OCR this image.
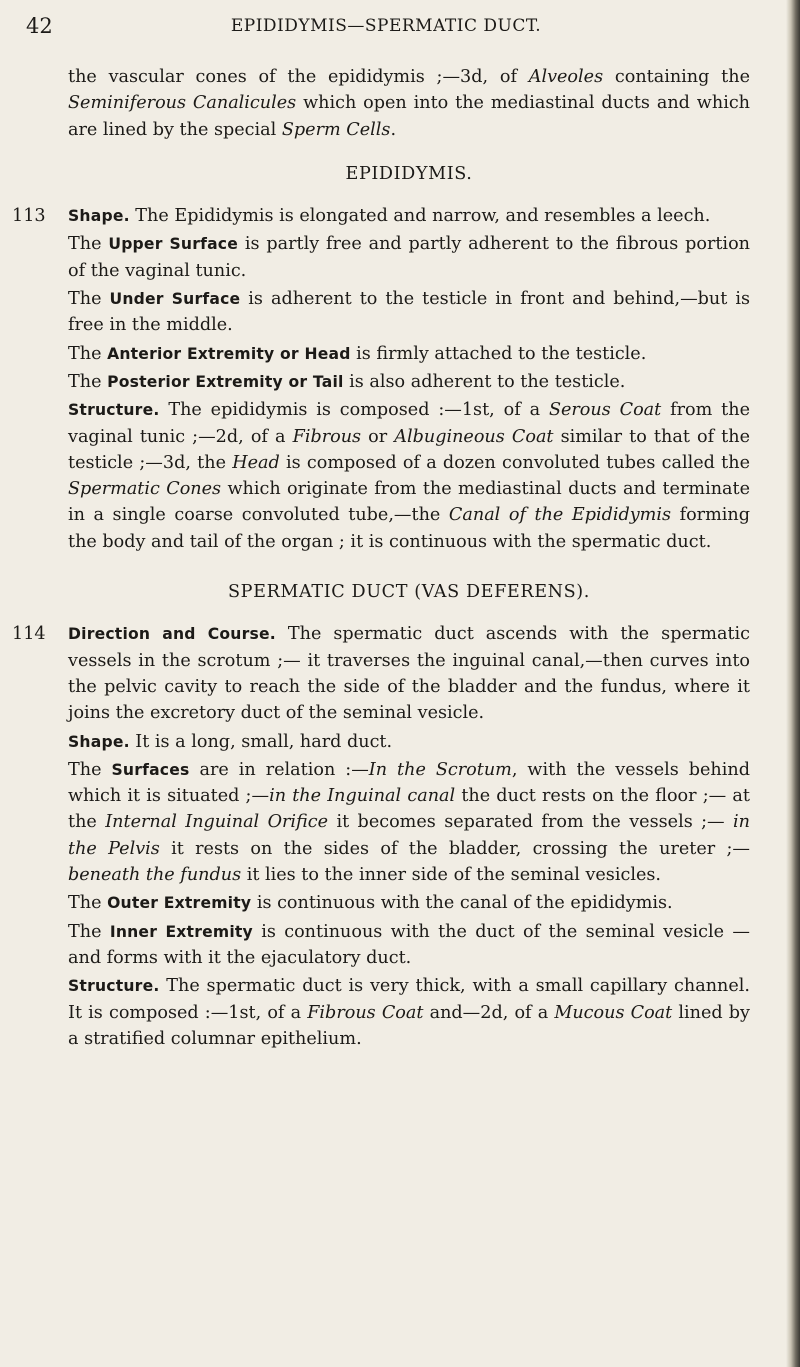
42	EPIDIDYMIS—SPERMATIC DUCT.

the vascular cones of the epididymis ;—3d, of Alveoles containing the Seminiferous Canalicules which open into the mediastinal ducts and which are lined by the special Sperm Cells.

EPIDIDYMIS.

113 Shape. The Epididymis is elongated and narrow, and resembles a leech.

The Upper Surface is partly free and partly adherent to the fibrous portion of the vaginal tunic.

The Under Surface is adherent to the testicle in front and behind,—but is free in the middle.

The Anterior Extremity or Head is firmly attached to the testicle.

The Posterior Extremity or Tail is also adherent to the testicle.

Structure. The epididymis is composed :—1st, of a Serous Coat from the vaginal tunic ;—2d, of a Fibrous or Albugineous Coat similar to that of the testicle ;—3d, the Head is composed of a dozen convoluted tubes called the Spermatic Cones which originate from the mediastinal ducts and terminate in a single coarse convoluted tube,—the Canal of the Epididymis forming the body and tail of the organ ; it is continuous with the spermatic duct.

SPERMATIC DUCT (VAS DEFERENS).

114 Direction and Course. The spermatic duct ascends with the spermatic vessels in the scrotum ;— it traverses the inguinal canal,—then curves into the pelvic cavity to reach the side of the bladder and the fundus, where it joins the excretory duct of the seminal vesicle.

Shape. It is a long, small, hard duct.

The Surfaces are in relation :—In the Scrotum, with the vessels behind which it is situated ;—in the Inguinal canal the duct rests on the floor ;— at the Internal Inguinal Orifice it becomes separated from the vessels ;— in the Pelvis it rests on the sides of the bladder, crossing the ureter ;— beneath the fundus it lies to the inner side of the seminal vesicles.

The Outer Extremity is continuous with the canal of the epididymis.

The Inner Extremity is continuous with the duct of the seminal vesicle — and forms with it the ejaculatory duct.

Structure. The spermatic duct is very thick, with a small capillary channel. It is composed :—1st, of a Fibrous Coat and—2d, of a Mucous Coat lined by a stratified columnar epithelium.
